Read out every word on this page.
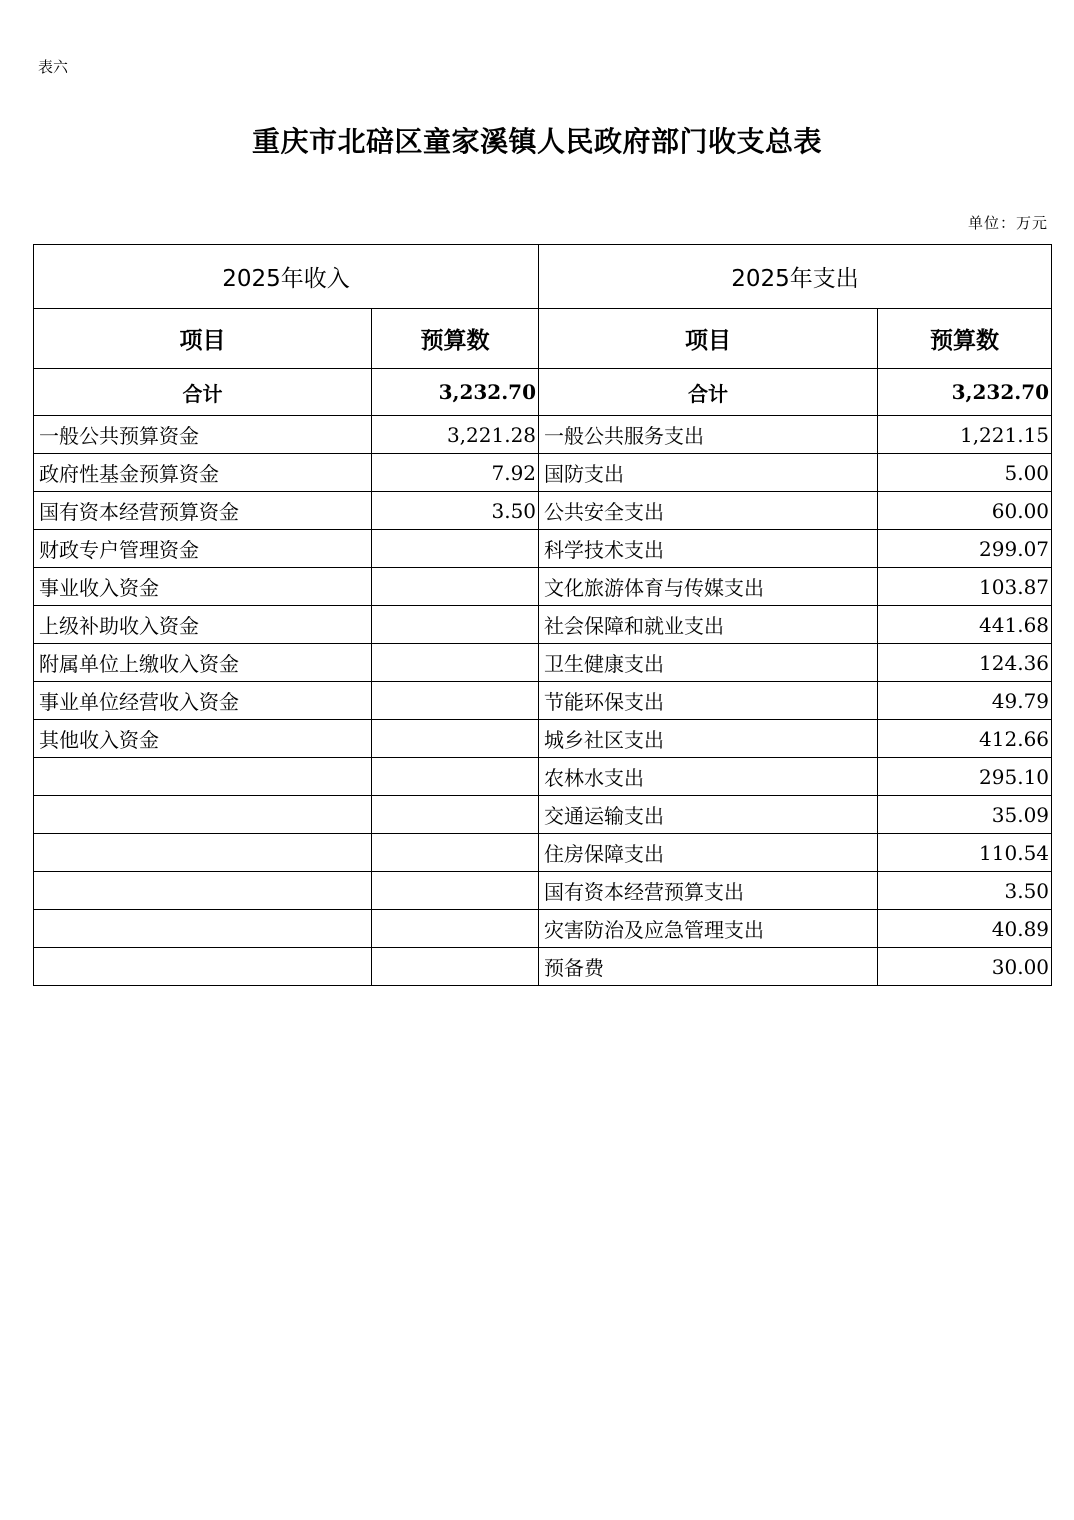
表六
重庆市北碚区童家溪镇人民政府部门收支总表
单位：万元
2025年收入		2025年支出	
项目	预算数	项目	预算数
合计	3,232.70	合计	3,232.70
一般公共预算资金	3,221.28	一般公共服务支出	1,221.15
政府性基金预算资金	7.92	国防支出	5.00
国有资本经营预算资金	3.50	公共安全支出	60.00
财政专户管理资金		科学技术支出	299.07
事业收入资金		文化旅游体育与传媒支出	103.87
上级补助收入资金		社会保障和就业支出	441.68
附属单位上缴收入资金		卫生健康支出	124.36
事业单位经营收入资金		节能环保支出	49.79
其他收入资金		城乡社区支出	412.66
		农林水支出	295.10
		交通运输支出	35.09
		住房保障支出	110.54
		国有资本经营预算支出	3.50
		灾害防治及应急管理支出	40.89
		预备费	30.00
